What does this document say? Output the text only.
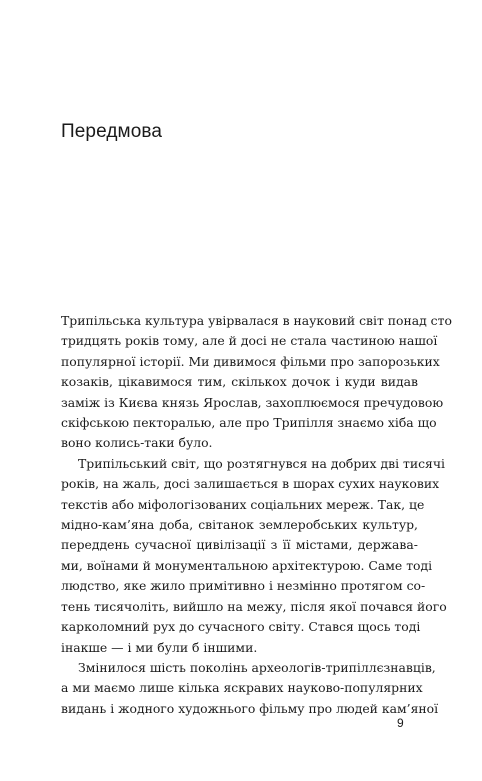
Передмова

Трипільська культура увірвалася в науковий світ понад сто
тридцять років тому, але й досі не стала частиною нашої
популярної історії. Ми дивимося фільми про запорозьких
козаків, цікавимося тим, скількох дочок і куди видав
заміж із Києва князь Ярослав, захоплюємося пречудовою
скіфською пекторалью, але про Трипілля знаємо хіба що
воно колись-таки було.

Трипільський світ, що розтягнувся на добрих дві тисячі
років, на жаль, досі залишається в шорах сухих наукових
текстів або міфологізованих соціальних мереж. Так, це
мідно-кам’яна доба, світанок землеробських культур,
переддень сучасної цивілізації з її містами, держава-
ми, воїнами й монументальною архітектурою. Саме тоді
людство, яке жило примітивно і незмінно протягом со-
тень тисячоліть, вийшло на межу, після якої почався його
карколомний рух до сучасного світу. Стався щось тоді
інакше — і ми були б іншими.

Змінилося шість поколінь археологів-трипіллєзнавців,
а ми маємо лише кілька яскравих науково-популярних
видань і жодного художнього фільму про людей кам’яної

9
